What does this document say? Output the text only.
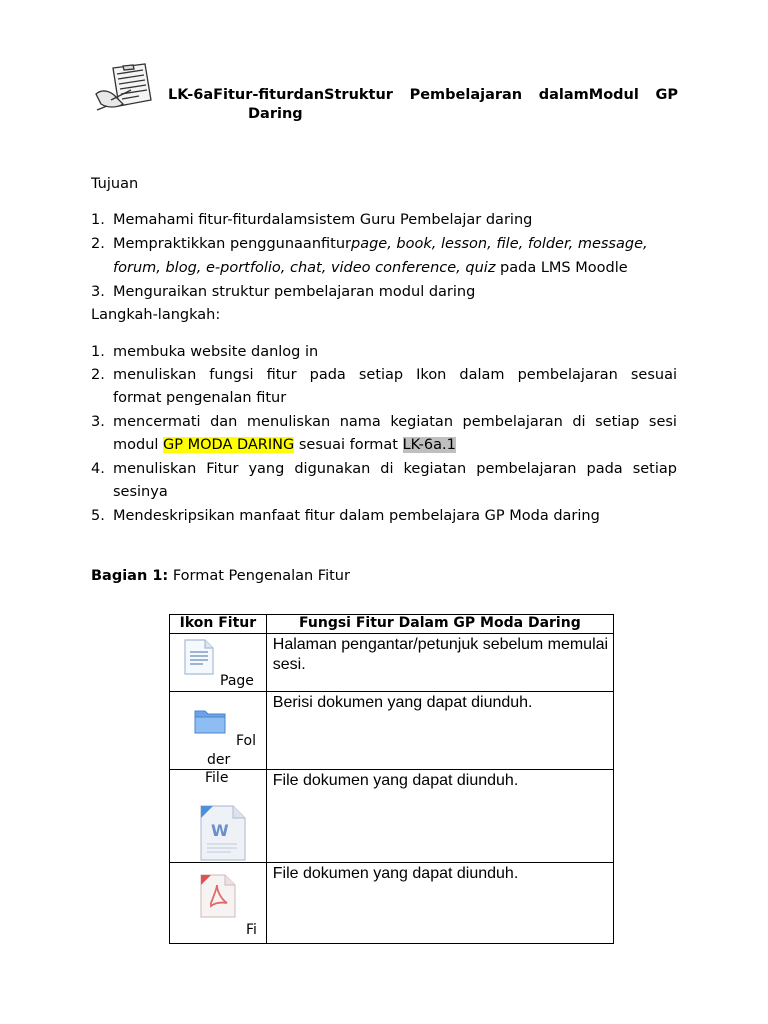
LK-6aFitur-fiturdanStruktur Pembelajaran dalamModul GP
Daring
Tujuan
1. Memahami fitur-fiturdalamsistem Guru Pembelajar daring
2. Mempraktikkan penggunaanfiturpage, book, lesson, file, folder, message,
forum, blog, e-portfolio, chat, video conference, quiz pada LMS Moodle
3. Menguraikan struktur pembelajaran modul daring
Langkah-langkah:
1. membuka website danlog in
2. menuliskan fungsi fitur pada setiap Ikon dalam pembelajaran sesuai
format pengenalan fitur
3. mencermati dan menuliskan nama kegiatan pembelajaran di setiap sesi
modul GP MODA DARING sesuai format LK-6a.1
4. menuliskan Fitur yang digunakan di kegiatan pembelajaran pada setiap
sesinya
5. Mendeskripsikan manfaat fitur dalam pembelajara GP Moda daring
Bagian 1: Format Pengenalan Fitur
Ikon Fitur	Fungsi Fitur Dalam GP Moda Daring

Page	Halaman pengantar/petunjuk sebelum memulai sesi.

Fol
der	Berisi dokumen yang dapat diunduh.

File
W	File dokumen yang dapat diunduh.

Fi	File dokumen yang dapat diunduh.
